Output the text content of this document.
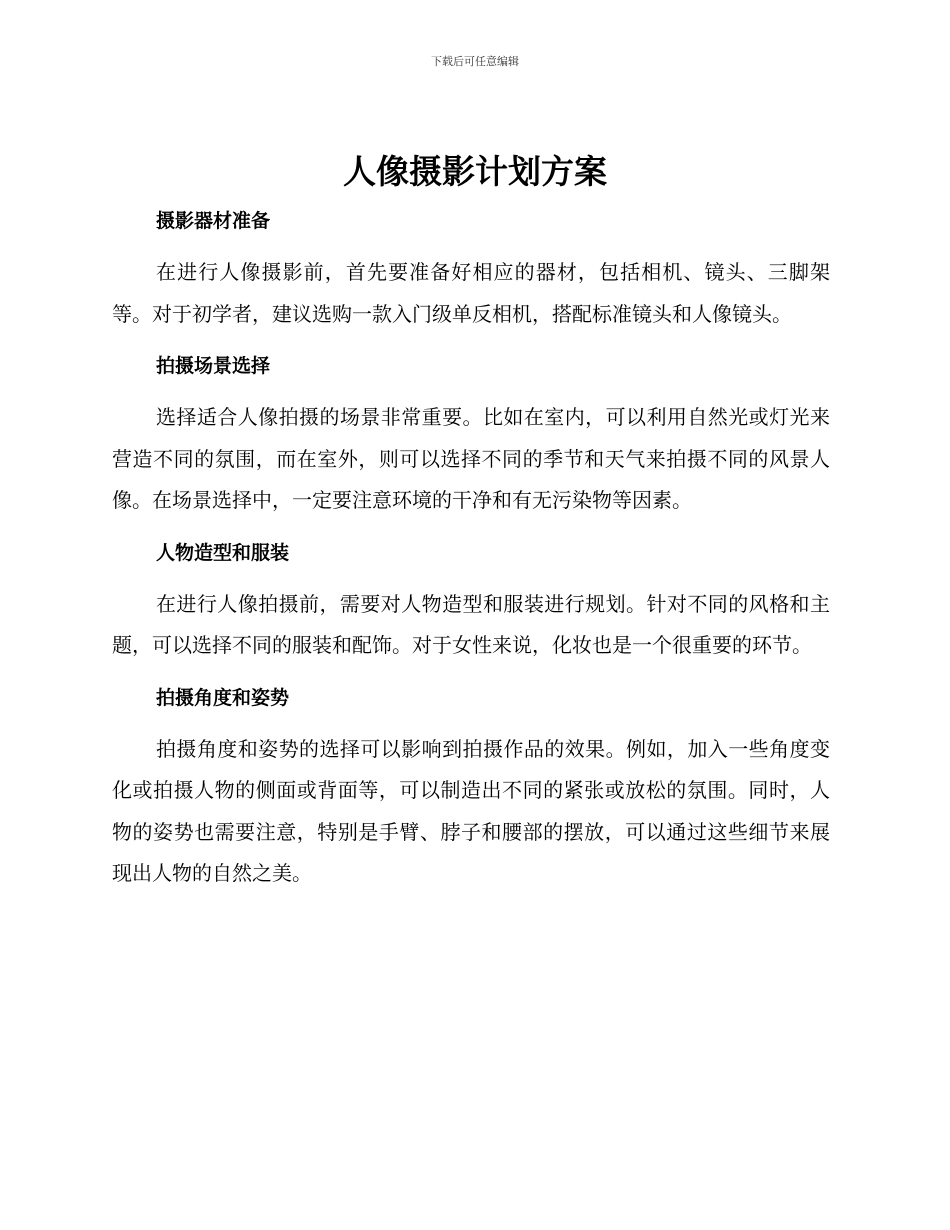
下载后可任意编辑
人像摄影计划方案
摄影器材准备

在进行人像摄影前，首先要准备好相应的器材，包括相机、镜头、三脚架等。对于初学者，建议选购一款入门级单反相机，搭配标准镜头和人像镜头。

拍摄场景选择

选择适合人像拍摄的场景非常重要。比如在室内，可以利用自然光或灯光来营造不同的氛围，而在室外，则可以选择不同的季节和天气来拍摄不同的风景人像。在场景选择中，一定要注意环境的干净和有无污染物等因素。

人物造型和服装

在进行人像拍摄前，需要对人物造型和服装进行规划。针对不同的风格和主题，可以选择不同的服装和配饰。对于女性来说，化妆也是一个很重要的环节。

拍摄角度和姿势

拍摄角度和姿势的选择可以影响到拍摄作品的效果。例如，加入一些角度变化或拍摄人物的侧面或背面等，可以制造出不同的紧张或放松的氛围。同时，人物的姿势也需要注意，特别是手臂、脖子和腰部的摆放，可以通过这些细节来展现出人物的自然之美。
